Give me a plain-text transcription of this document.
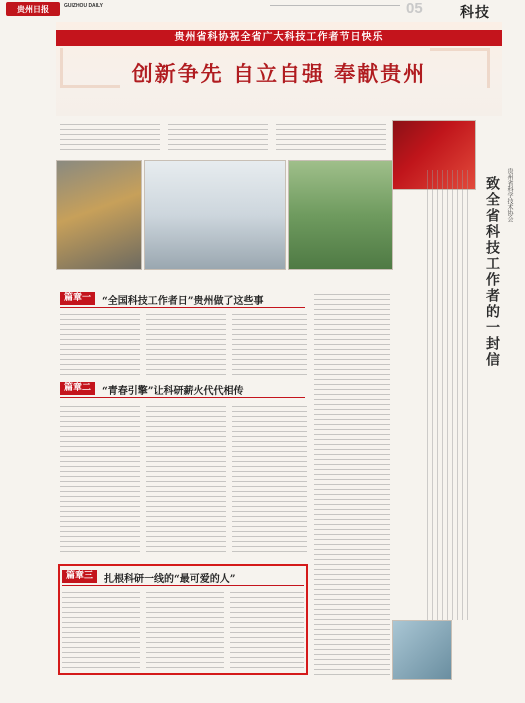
贵州日报	GUIZHOU DAILY	05	科技
贵州省科协祝全省广大科技工作者节日快乐
创新争先 自立自强 奉献贵州
篇章一	“全国科技工作者日”贵州做了这些事
篇章二	“青春引擎”让科研薪火代代相传
篇章三	扎根科研一线的“最可爱的人”
致全省科技工作者的一封信	贵州省科学技术协会
